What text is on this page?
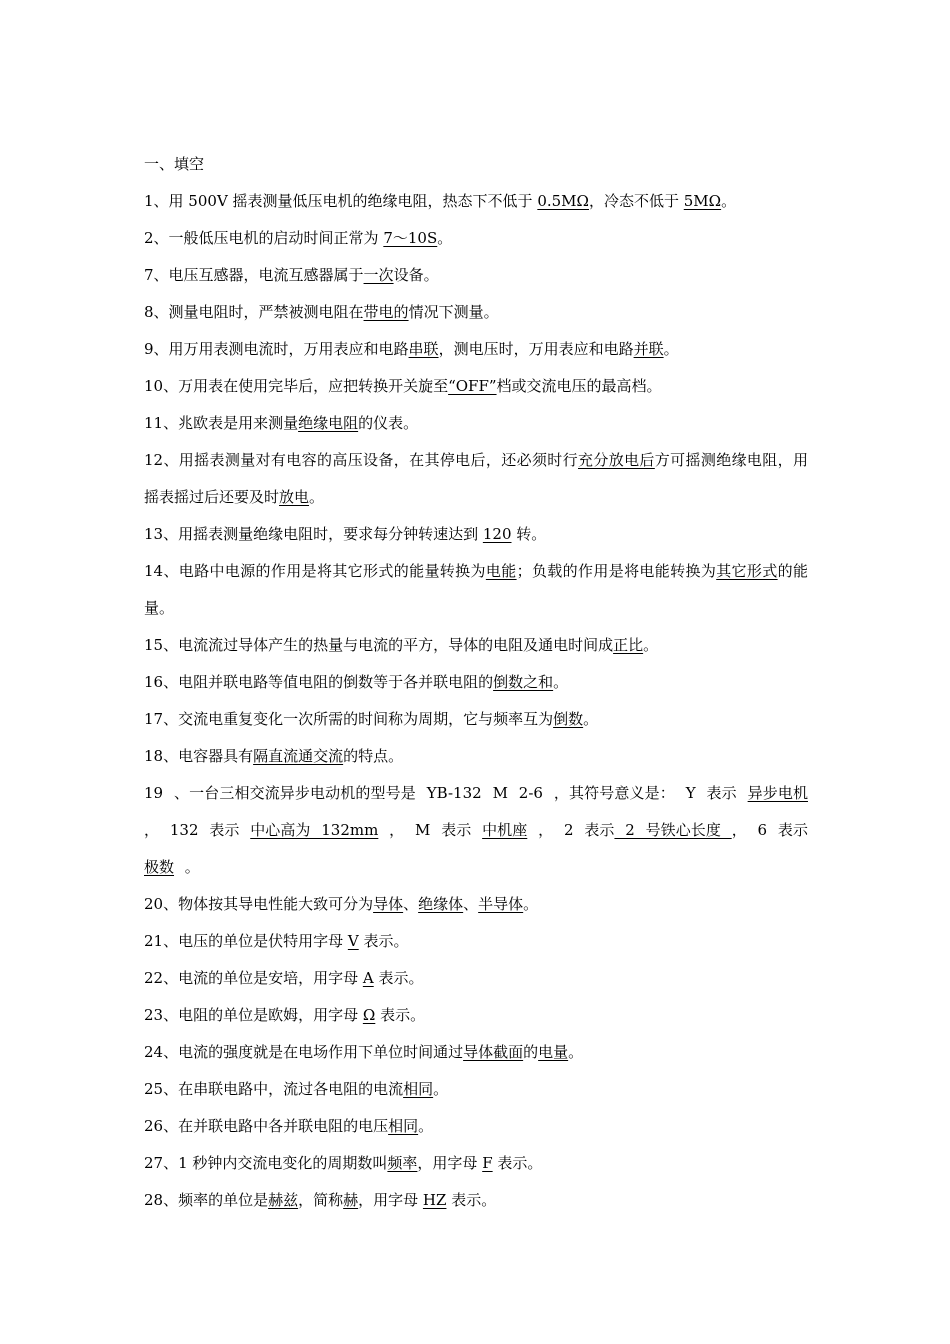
一、填空
1、用 500V 摇表测量低压电机的绝缘电阻，热态下不低于 0.5MΩ，冷态不低于 5MΩ。
2、一般低压电机的启动时间正常为 7～10S。
7、电压互感器，电流互感器属于一次设备。
8、测量电阻时，严禁被测电阻在带电的情况下测量。
9、用万用表测电流时，万用表应和电路串联，测电压时，万用表应和电路并联。
10、万用表在使用完毕后，应把转换开关旋至“OFF”档或交流电压的最高档。
11、兆欧表是用来测量绝缘电阻的仪表。
12、用摇表测量对有电容的高压设备，在其停电后，还必须时行充分放电后方可摇测绝缘电阻，用摇表摇过后还要及时放电。
13、用摇表测量绝缘电阻时，要求每分钟转速达到 120 转。
14、电路中电源的作用是将其它形式的能量转换为电能；负载的作用是将电能转换为其它形式的能量。
15、电流流过导体产生的热量与电流的平方，导体的电阻及通电时间成正比。
16、电阻并联电路等值电阻的倒数等于各并联电阻的倒数之和。
17、交流电重复变化一次所需的时间称为周期，它与频率互为倒数。
18、电容器具有隔直流通交流的特点。
19 、一台三相交流异步电动机的型号是 YB-132 M 2-6 ，其符号意义是： Y 表示 异步电机 ， 132 表示 中心高为 132mm ， M 表示 中机座 ， 2 表示 2 号铁心长度 ， 6 表示 极数 。
20、物体按其导电性能大致可分为导体、绝缘体、半导体。
21、电压的单位是伏特用字母 V 表示。
22、电流的单位是安培，用字母 A 表示。
23、电阻的单位是欧姆，用字母 Ω 表示。
24、电流的强度就是在电场作用下单位时间通过导体截面的电量。
25、在串联电路中，流过各电阻的电流相同。
26、在并联电路中各并联电阻的电压相同。
27、1 秒钟内交流电变化的周期数叫频率，用字母 F 表示。
28、频率的单位是赫兹，简称赫，用字母 HZ 表示。
